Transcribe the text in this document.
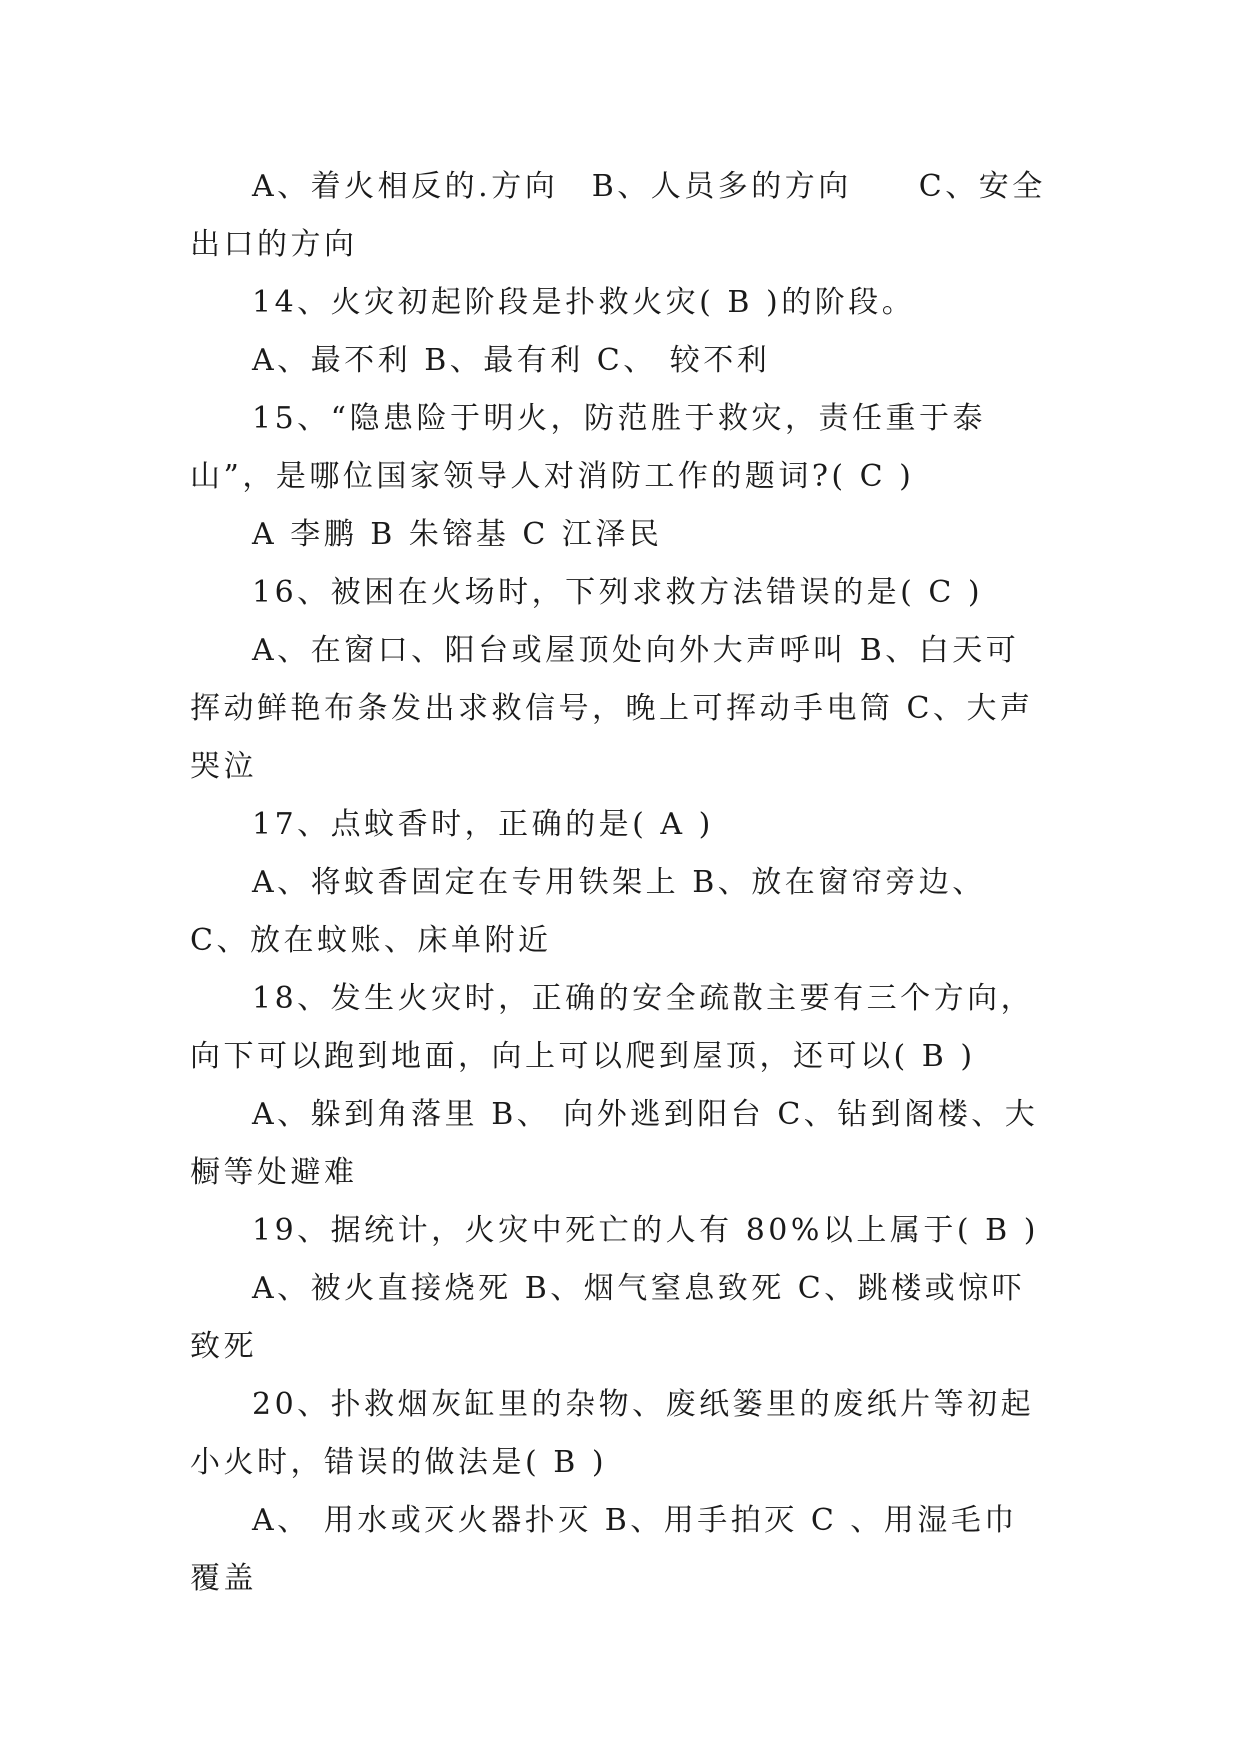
A、着火相反的.方向　B、人员多的方向　　C、安全出口的方向

14、火灾初起阶段是扑救火灾( B )的阶段。

A、最不利 B、最有利 C、 较不利

15、“隐患险于明火，防范胜于救灾，责任重于泰山”，是哪位国家领导人对消防工作的题词?( C )

A 李鹏 B 朱镕基 C 江泽民

16、被困在火场时，下列求救方法错误的是( C )

A、在窗口、阳台或屋顶处向外大声呼叫 B、白天可挥动鲜艳布条发出求救信号，晚上可挥动手电筒 C、大声哭泣

17、点蚊香时，正确的是( A )

A、将蚊香固定在专用铁架上 B、放在窗帘旁边、 C、放在蚊账、床单附近

18、发生火灾时，正确的安全疏散主要有三个方向，向下可以跑到地面，向上可以爬到屋顶，还可以( B )

A、躲到角落里 B、 向外逃到阳台 C、钻到阁楼、大橱等处避难

19、据统计，火灾中死亡的人有 80%以上属于( B )

A、被火直接烧死 B、烟气窒息致死 C、跳楼或惊吓致死

20、扑救烟灰缸里的杂物、废纸篓里的废纸片等初起小火时，错误的做法是( B )

A、 用水或灭火器扑灭 B、用手拍灭 C 、用湿毛巾覆盖
